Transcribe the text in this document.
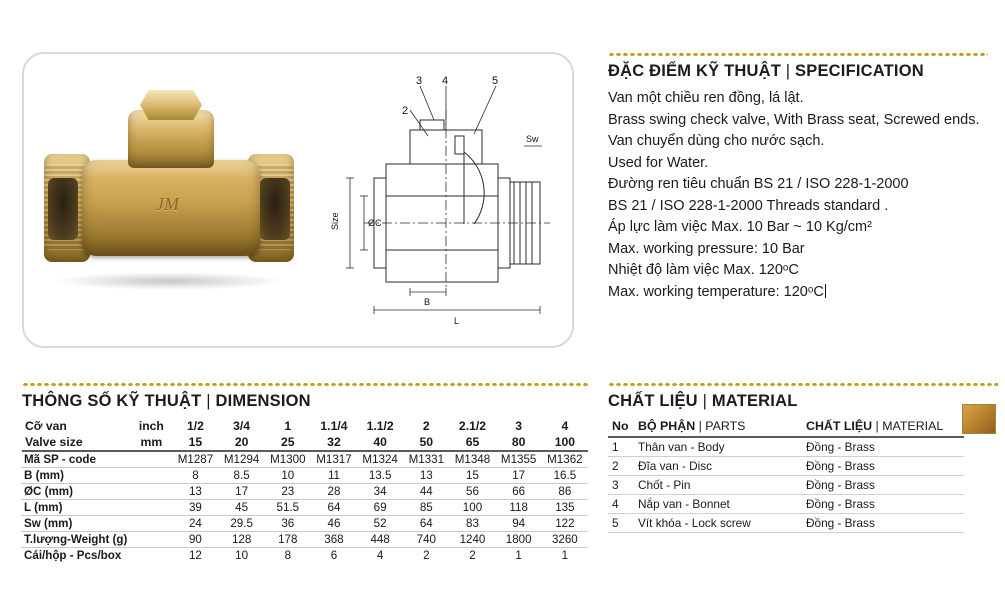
JM
3 4	5
2
Sw
ØC
Size
B
L
ĐẶC ĐIỂM KỸ THUẬT | SPECIFICATION
Van một chiều ren đồng, lá lật.
Brass swing check valve, With Brass seat, Screwed ends.
Van chuyển dùng cho nước sạch.
Used for Water.
Đường ren tiêu chuẩn BS 21 / ISO 228-1-2000
BS 21 / ISO 228-1-2000 Threads standard .
Áp lực làm việc Max. 10 Bar ~ 10 Kg/cm²
Max. working pressure: 10 Bar
Nhiệt độ làm việc Max. 120ᵒC
Max. working temperature: 120ᵒC
THÔNG SỐ KỸ THUẬT | DIMENSION
Cỡ van	inch	1/2	3/4	1	1.1/4	1.1/2	2	2.1/2	3	4
Valve size	mm	15	20	25	32	40	50	65	80	100
Mã SP - code		M1287	M1294	M1300	M1317	M1324	M1331	M1348	M1355	M1362
B (mm)		8	8.5	10	11	13.5	13	15	17	16.5
ØC (mm)		13	17	23	28	34	44	56	66	86
L (mm)		39	45	51.5	64	69	85	100	118	135
Sw (mm)		24	29.5	36	46	52	64	83	94	122
T.lượng-Weight (g)		90	128	178	368	448	740	1240	1800	3260
Cái/hộp - Pcs/box		12	10	8	6	4	2	2	1	1
CHẤT LIỆU | MATERIAL
No	BỘ PHẬN | PARTS	CHẤT LIỆU | MATERIAL
1	Thân van - Body	Đồng - Brass
2	Đĩa van - Disc	Đồng - Brass
3	Chốt - Pin	Đồng - Brass
4	Nắp van - Bonnet	Đồng - Brass
5	Vít khóa - Lock screw	Đồng - Brass
